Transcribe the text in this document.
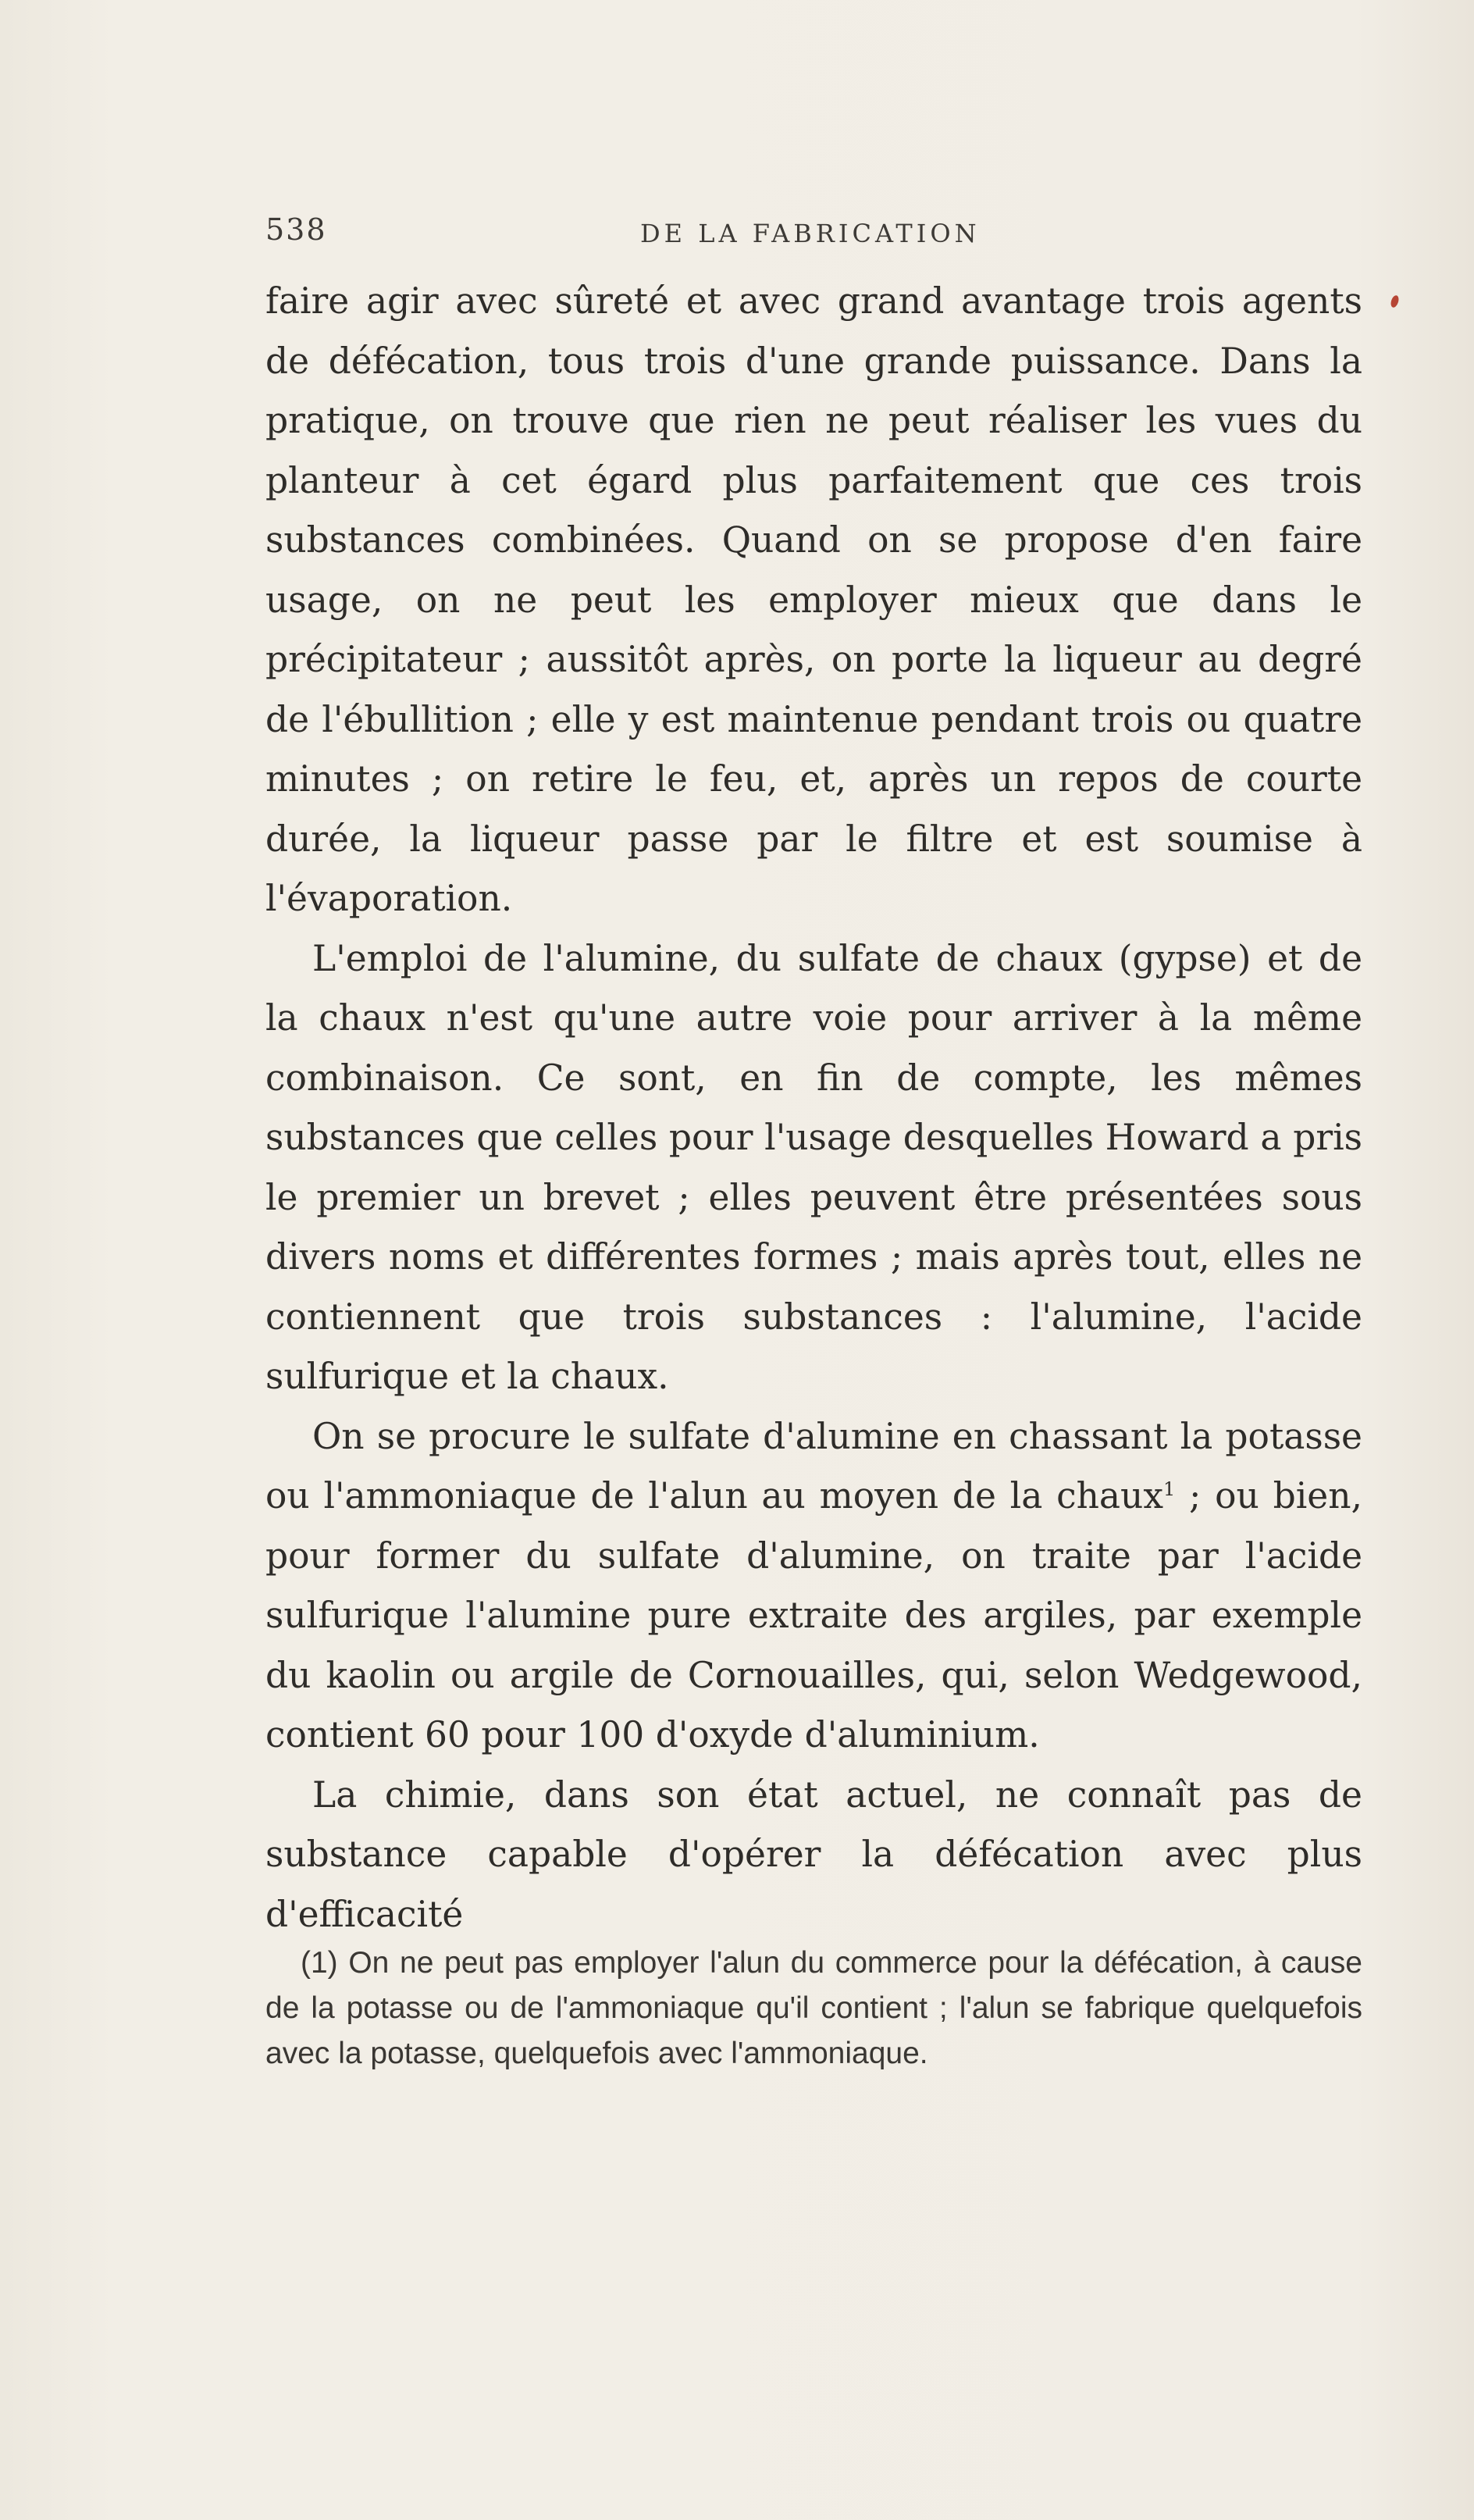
538	DE LA FABRICATION

faire agir avec sûreté et avec grand avantage trois agents de défécation, tous trois d'une grande puissance. Dans la pratique, on trouve que rien ne peut réaliser les vues du planteur à cet égard plus parfaitement que ces trois substances combinées. Quand on se propose d'en faire usage, on ne peut les employer mieux que dans le précipitateur ; aussitôt après, on porte la liqueur au degré de l'ébullition ; elle y est maintenue pendant trois ou quatre minutes ; on retire le feu, et, après un repos de courte durée, la liqueur passe par le filtre et est soumise à l'évaporation.

L'emploi de l'alumine, du sulfate de chaux (gypse) et de la chaux n'est qu'une autre voie pour arriver à la même combinaison. Ce sont, en fin de compte, les mêmes substances que celles pour l'usage desquelles Howard a pris le premier un brevet ; elles peuvent être présentées sous divers noms et différentes formes ; mais après tout, elles ne contiennent que trois substances : l'alumine, l'acide sulfurique et la chaux.

On se procure le sulfate d'alumine en chassant la potasse ou l'ammoniaque de l'alun au moyen de la chaux$^1$ ; ou bien, pour former du sulfate d'alumine, on traite par l'acide sulfurique l'alumine pure extraite des argiles, par exemple du kaolin ou argile de Cornouailles, qui, selon Wedgewood, contient 60 pour 100 d'oxyde d'aluminium.

La chimie, dans son état actuel, ne connaît pas de substance capable d'opérer la défécation avec plus d'efficacité

(1) On ne peut pas employer l'alun du commerce pour la défécation, à cause de la potasse ou de l'ammoniaque qu'il contient ; l'alun se fabrique quelquefois avec la potasse, quelquefois avec l'ammoniaque.
